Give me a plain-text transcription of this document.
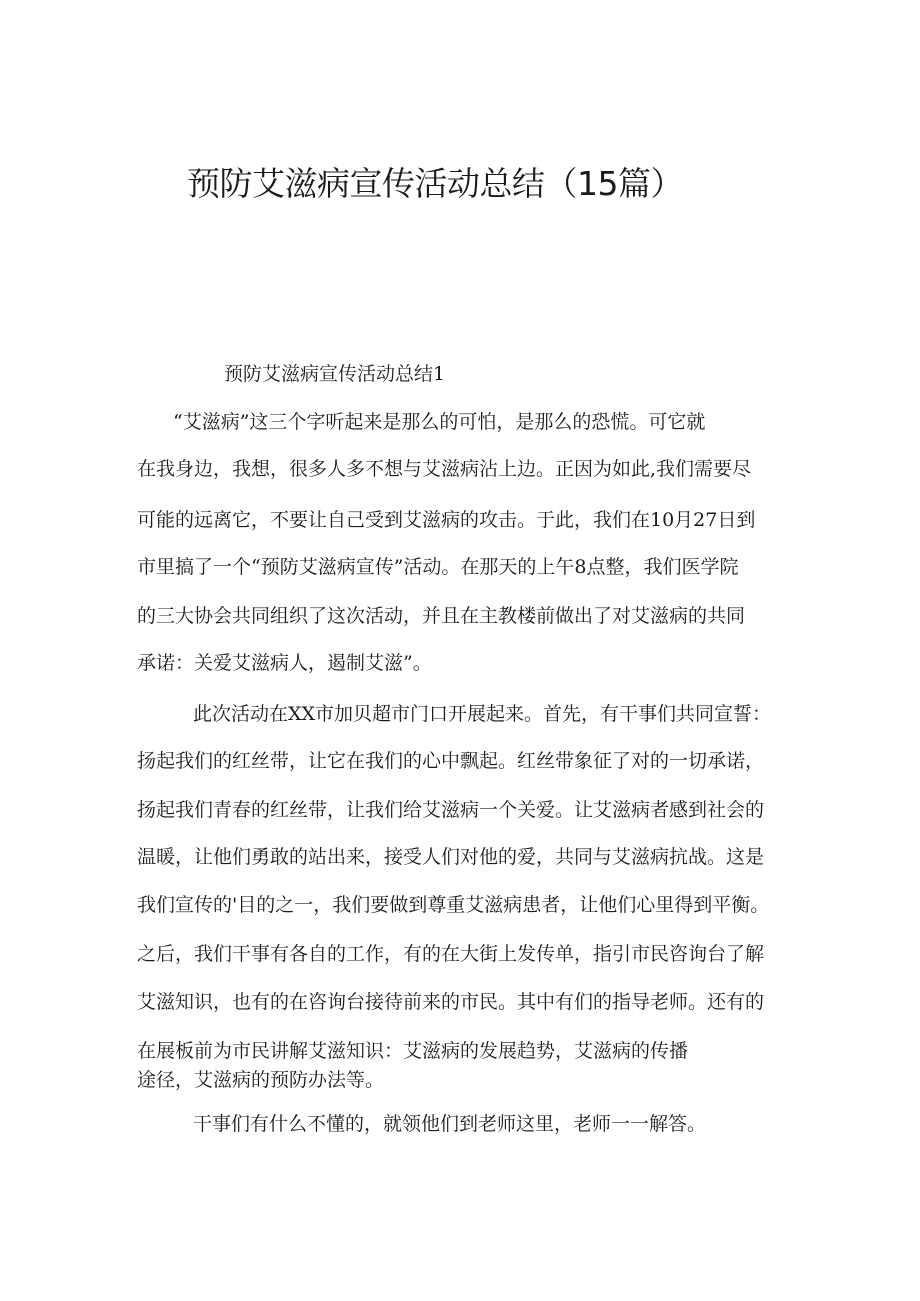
预防艾滋病宣传活动总结（15篇）
预防艾滋病宣传活动总结1
“艾滋病”这三个字听起来是那么的可怕，是那么的恐慌。可它就
在我身边，我想，很多人多不想与艾滋病沾上边。正因为如此,我们需要尽
可能的远离它，不要让自己受到艾滋病的攻击。于此，我们在10月27日到
市里搞了一个“预防艾滋病宣传”活动。在那天的上午8点整，我们医学院
的三大协会共同组织了这次活动，并且在主教楼前做出了对艾滋病的共同
承诺：关爱艾滋病人，遏制艾滋”。
此次活动在XX市加贝超市门口开展起来。首先，有干事们共同宣誓：
扬起我们的红丝带，让它在我们的心中飘起。红丝带象征了对的一切承诺，
扬起我们青春的红丝带，让我们给艾滋病一个关爱。让艾滋病者感到社会的
温暖，让他们勇敢的站出来，接受人们对他的爱，共同与艾滋病抗战。这是
我们宣传的'目的之一，我们要做到尊重艾滋病患者，让他们心里得到平衡。
之后，我们干事有各自的工作，有的在大街上发传单，指引市民咨询台了解
艾滋知识，也有的在咨询台接待前来的市民。其中有们的指导老师。还有的
在展板前为市民讲解艾滋知识：艾滋病的发展趋势，艾滋病的传播
途径，艾滋病的预防办法等。
干事们有什么不懂的，就领他们到老师这里，老师一一解答。
